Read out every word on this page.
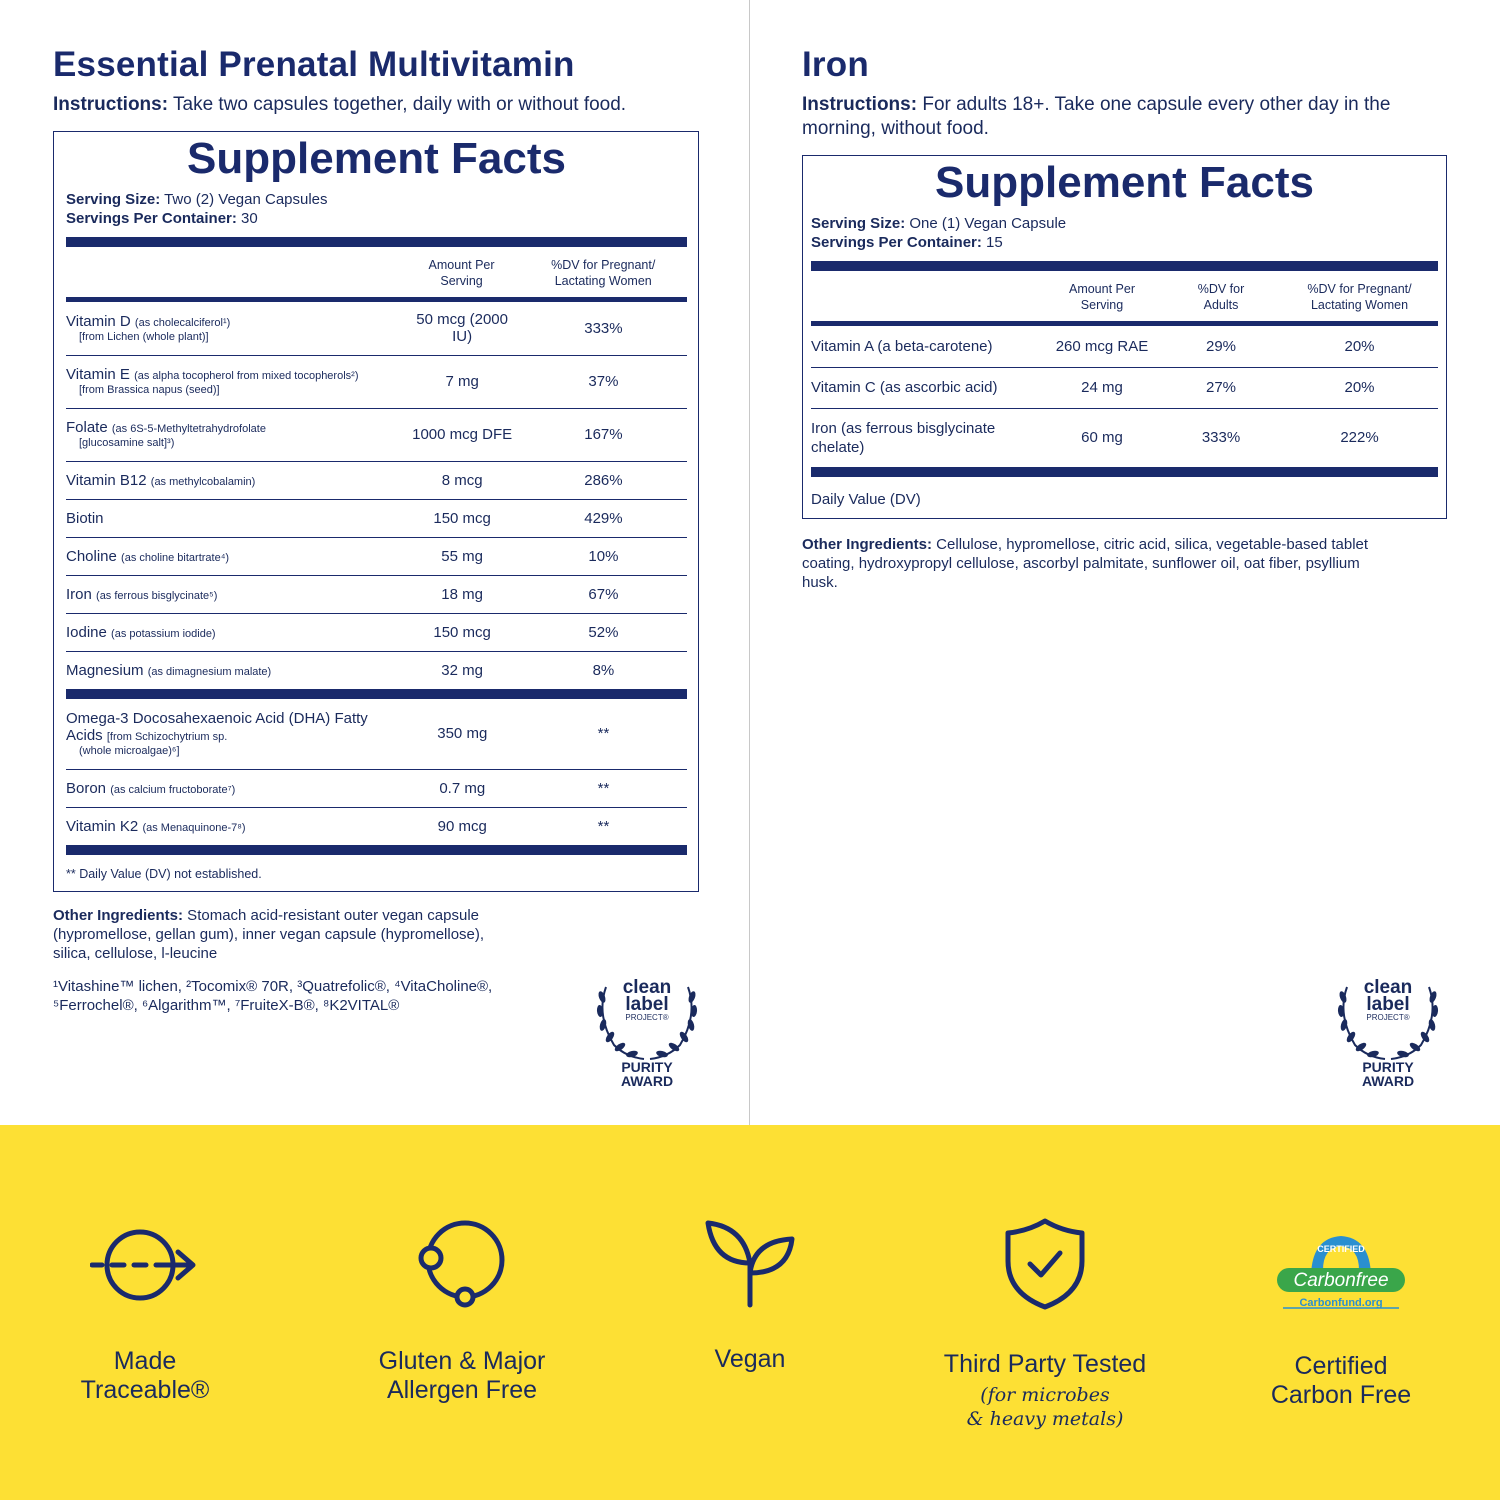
Essential Prenatal Multivitamin
Instructions: Take two capsules together, daily with or without food.
Supplement Facts
Serving Size: Two (2) Vegan Capsules
Servings Per Container: 30
	Amount Per Serving	%DV for Pregnant/ Lactating Women
Vitamin D (as cholecalciferol¹)
[from Lichen (whole plant)]	50 mcg (2000 IU)	333%
Vitamin E (as alpha tocopherol from mixed tocopherols²)
[from Brassica napus (seed)]	7 mg	37%
Folate (as 6S-5-Methyltetrahydrofolate
[glucosamine salt]³)	1000 mcg DFE	167%
Vitamin B12 (as methylcobalamin)	8 mcg	286%
Biotin	150 mcg	429%
Choline (as choline bitartrate⁴)	55 mg	10%
Iron (as ferrous bisglycinate⁵)	18 mg	67%
Iodine (as potassium iodide)	150 mcg	52%
Magnesium (as dimagnesium malate)	32 mg	8%
Omega-3 Docosahexaenoic Acid (DHA) Fatty Acids [from Schizochytrium sp.
(whole microalgae)⁶]	350 mg	**
Boron (as calcium fructoborate⁷)	0.7 mg	**
Vitamin K2 (as Menaquinone-7⁸)	90 mcg	**
** Daily Value (DV) not established.
Other Ingredients: Stomach acid-resistant outer vegan capsule (hypromellose, gellan gum), inner vegan capsule (hypromellose), silica, cellulose, l-leucine
¹Vitashine™ lichen, ²Tocomix® 70R, ³Quatrefolic®, ⁴VitaCholine®, ⁵Ferrochel®, ⁶Algarithm™, ⁷FruiteX-B®, ⁸K2VITAL®
Iron
Instructions: For adults 18+. Take one capsule every other day in the morning, without food.
Supplement Facts
Serving Size: One (1) Vegan Capsule
Servings Per Container: 15
	Amount Per Serving	%DV for Adults	%DV for Pregnant/ Lactating Women
Vitamin A (a beta-carotene)	260 mcg RAE	29%	20%
Vitamin C (as ascorbic acid)	24 mg	27%	20%
Iron (as ferrous bisglycinate chelate)	60 mg	333%	222%
Daily Value (DV)
Other Ingredients: Cellulose, hypromellose, citric acid, silica, vegetable-based tablet coating, hydroxypropyl cellulose, ascorbyl palmitate, sunflower oil, oat fiber, psyllium husk.
clean
label
PROJECT®
PURITY
AWARD
clean
label
PROJECT®
PURITY
AWARD
Made
Traceable®
Gluten & Major
Allergen Free
Vegan	Third Party Tested
(for microbes
& heavy metals)
CERTIFIED
Carbonfree
Carbonfund.org
Certified
Carbon Free
